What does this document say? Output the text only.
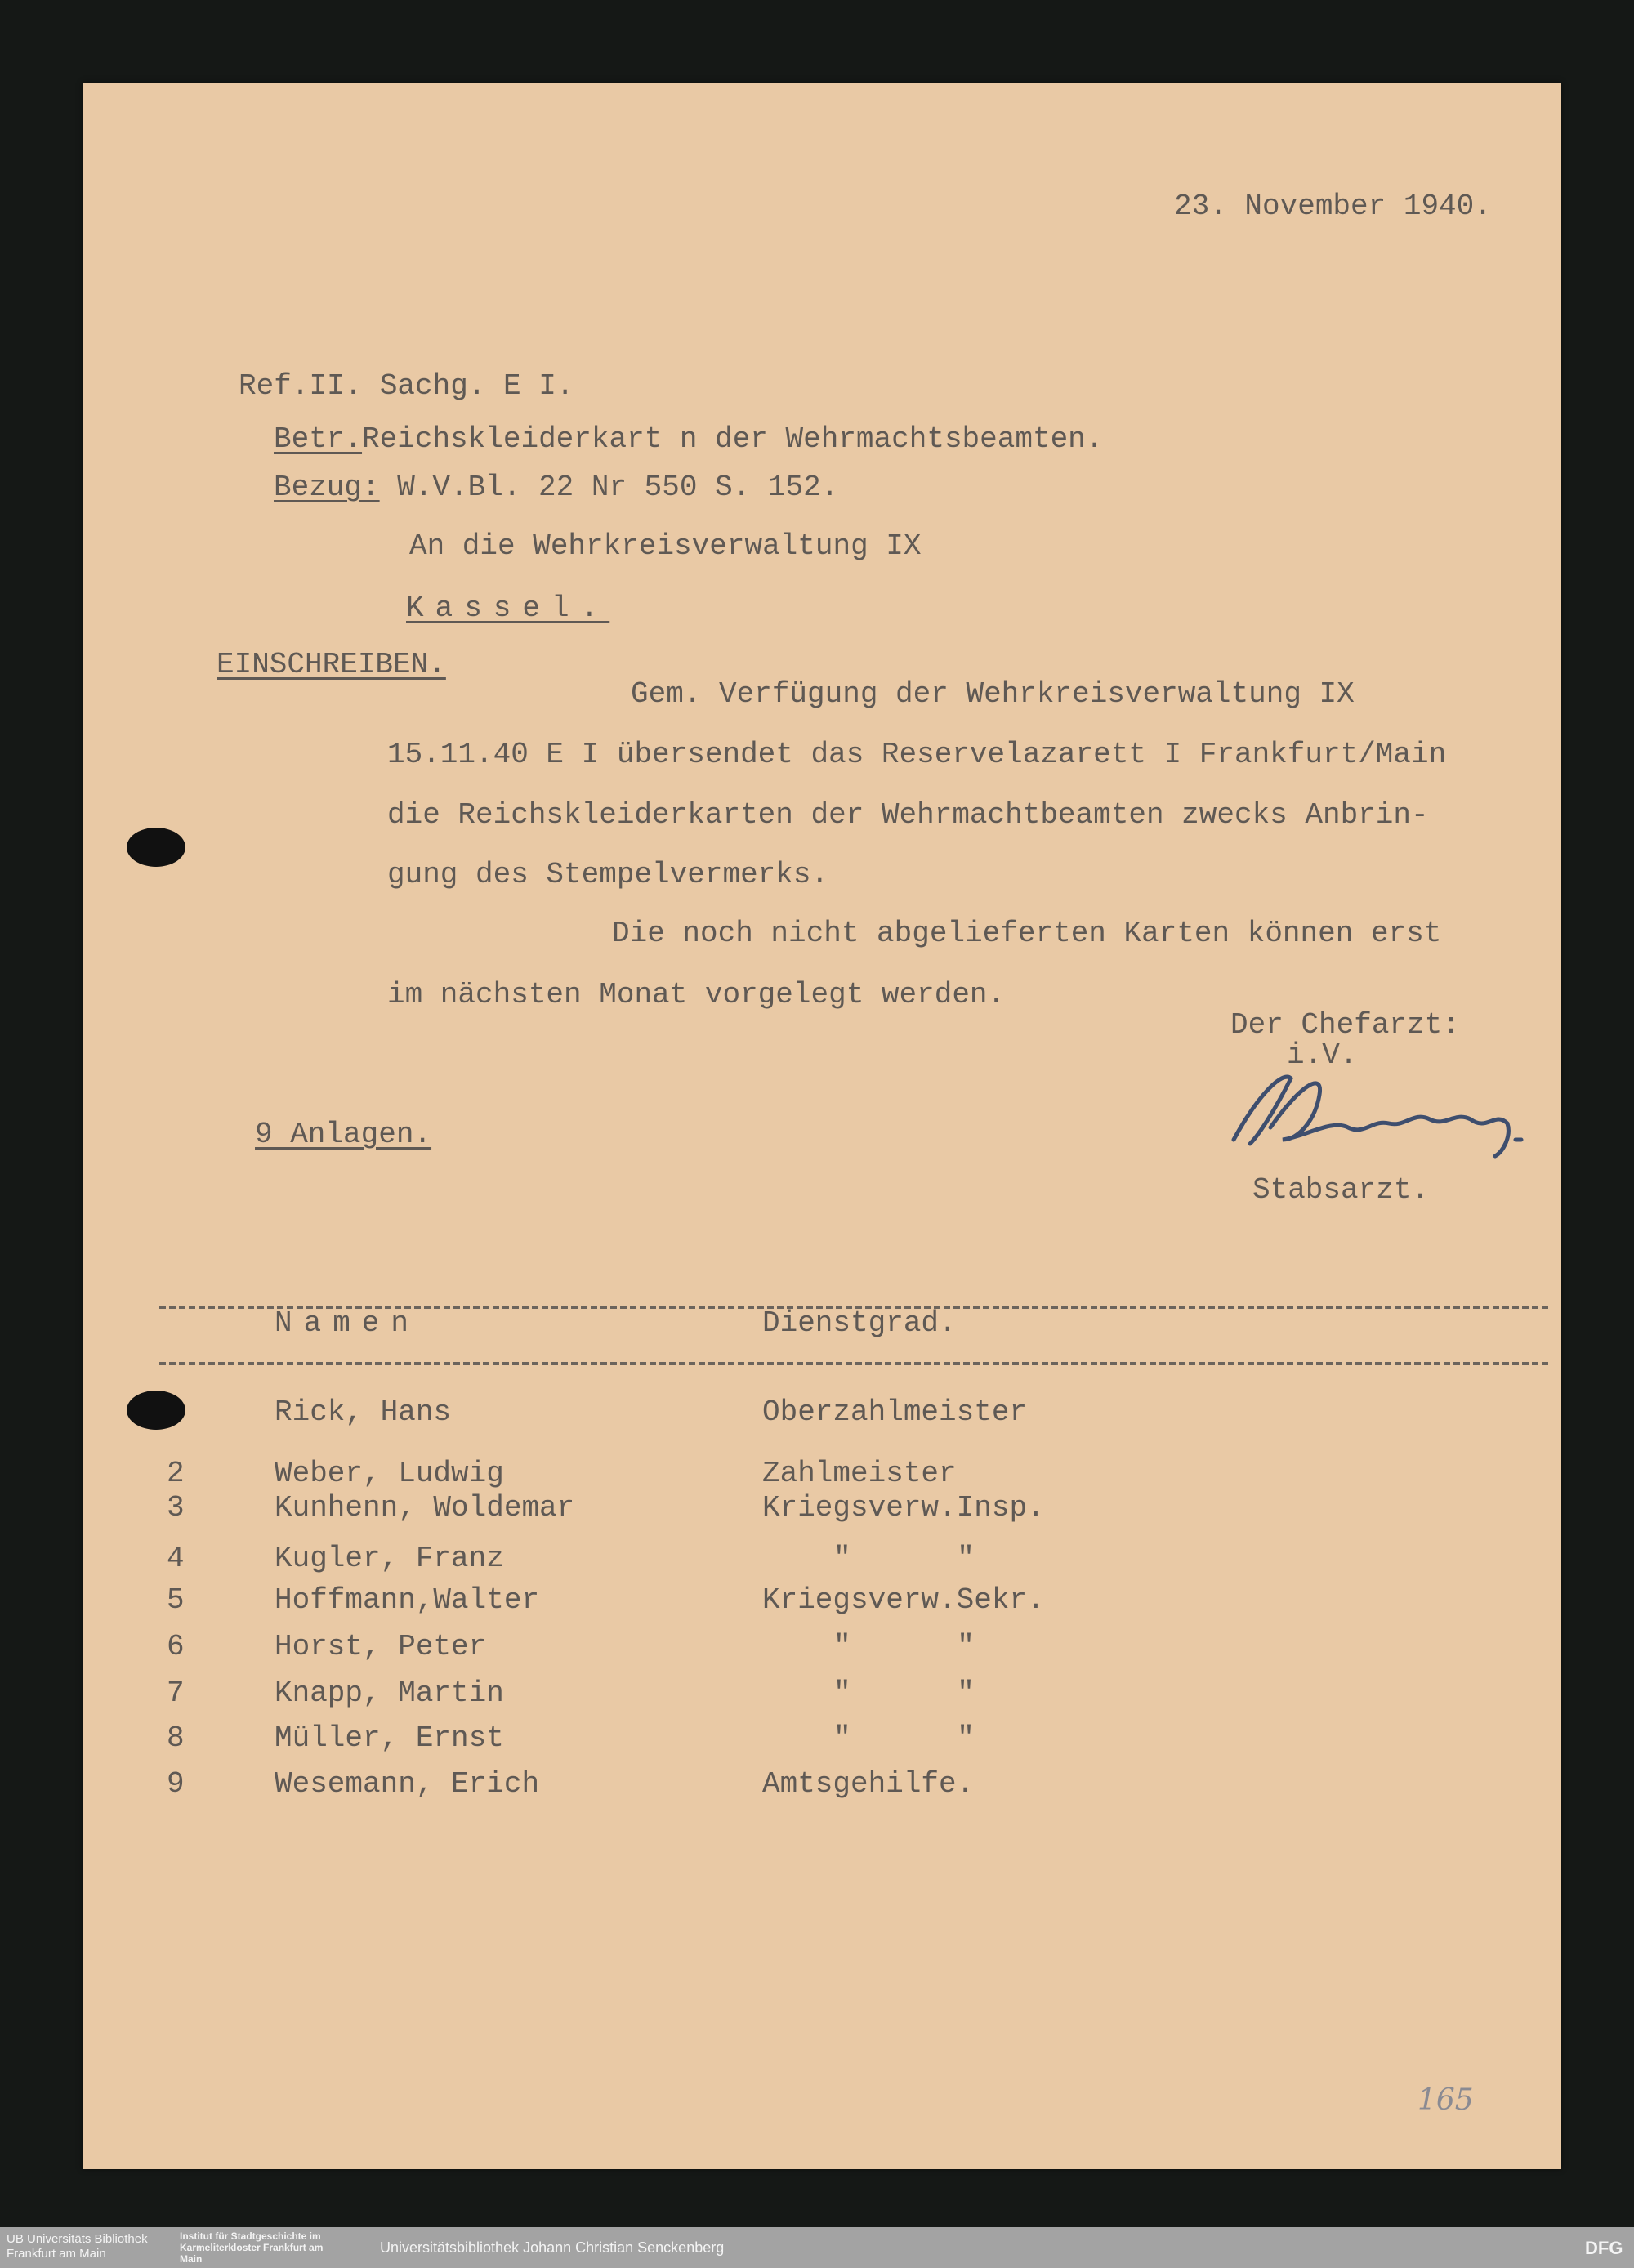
23. November 1940.
Ref.II. Sachg. E I.
Betr.Reichskleiderkart n der Wehrmachtsbeamten.
Bezug: W.V.Bl. 22 Nr 550 S. 152.
An die Wehrkreisverwaltung IX
Kassel.
EINSCHREIBEN.
Gem. Verfügung der Wehrkreisverwaltung IX
15.11.40 E I übersendet das Reservelazarett I Frankfurt/Main
die Reichskleiderkarten der Wehrmachtbeamten zwecks Anbrin-
gung des Stempelvermerks.
Die noch nicht abgelieferten Karten können erst
im nächsten Monat vorgelegt werden.
Der Chefarzt:
i.V.
Stabsarzt.
9 Anlagen.
Namen	Dienstgrad.
Rick, Hans	Oberzahlmeister
2	Weber, Ludwig	Zahlmeister
3	Kunhenn, Woldemar	Kriegsverw.Insp.
4	Kugler, Franz	"      "
5	Hoffmann,Walter	Kriegsverw.Sekr.
6	Horst, Peter	"      "
7	Knapp, Martin	"      "
8	Müller, Ernst	"      "
9	Wesemann, Erich	Amtsgehilfe.
165
UB Universitäts Bibliothek Frankfurt am Main
Institut für Stadtgeschichte im Karmeliterkloster Frankfurt am Main
Universitätsbibliothek Johann Christian Senckenberg	DFG
